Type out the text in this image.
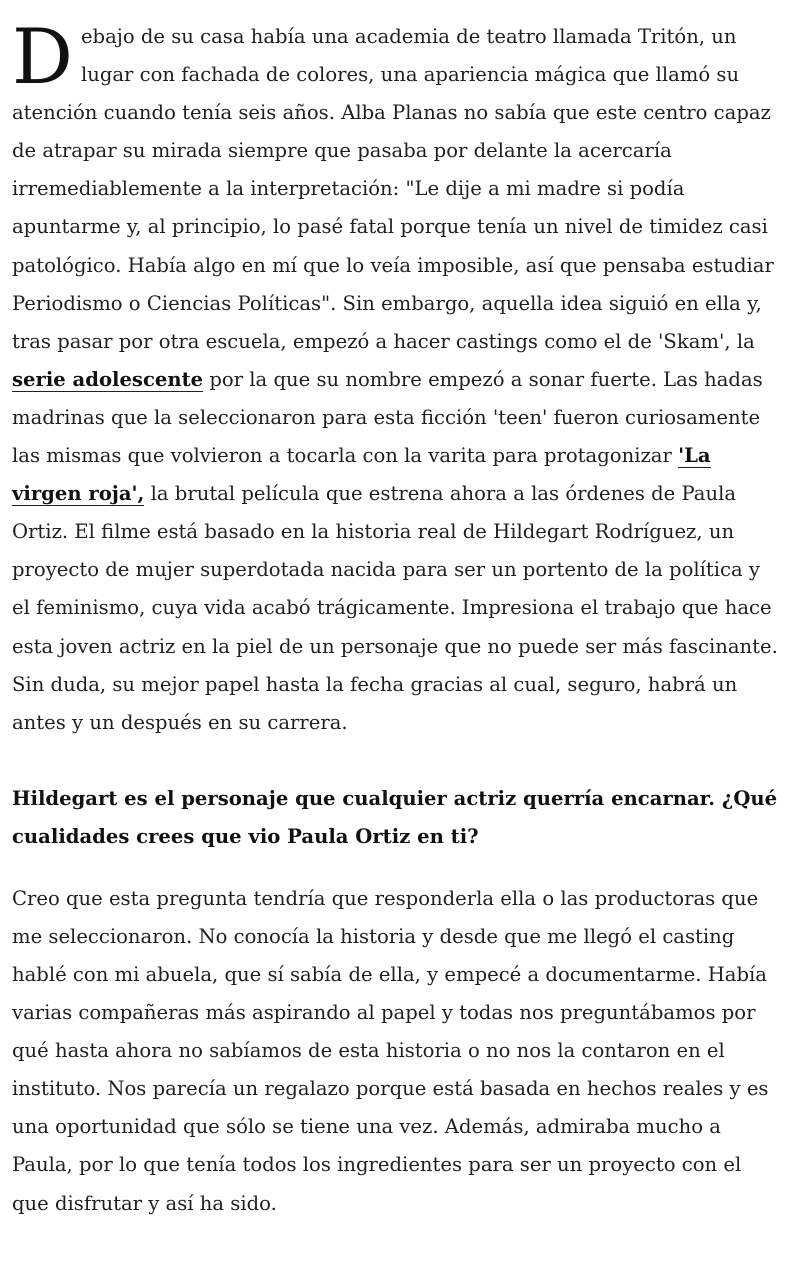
Debajo de su casa había una academia de teatro llamada Tritón, un lugar con fachada de colores, una apariencia mágica que llamó su atención cuando tenía seis años. Alba Planas no sabía que este centro capaz de atrapar su mirada siempre que pasaba por delante la acercaría irremediablemente a la interpretación: "Le dije a mi madre si podía apuntarme y, al principio, lo pasé fatal porque tenía un nivel de timidez casi patológico. Había algo en mí que lo veía imposible, así que pensaba estudiar Periodismo o Ciencias Políticas". Sin embargo, aquella idea siguió en ella y, tras pasar por otra escuela, empezó a hacer castings como el de 'Skam', la serie adolescente por la que su nombre empezó a sonar fuerte. Las hadas madrinas que la seleccionaron para esta ficción 'teen' fueron curiosamente las mismas que volvieron a tocarla con la varita para protagonizar 'La virgen roja', la brutal película que estrena ahora a las órdenes de Paula Ortiz. El filme está basado en la historia real de Hildegart Rodríguez, un proyecto de mujer superdotada nacida para ser un portento de la política y el feminismo, cuya vida acabó trágicamente. Impresiona el trabajo que hace esta joven actriz en la piel de un personaje que no puede ser más fascinante. Sin duda, su mejor papel hasta la fecha gracias al cual, seguro, habrá un antes y un después en su carrera.

Hildegart es el personaje que cualquier actriz querría encarnar. ¿Qué cualidades crees que vio Paula Ortiz en ti?

Creo que esta pregunta tendría que responderla ella o las productoras que me seleccionaron. No conocía la historia y desde que me llegó el casting hablé con mi abuela, que sí sabía de ella, y empecé a documentarme. Había varias compañeras más aspirando al papel y todas nos preguntábamos por qué hasta ahora no sabíamos de esta historia o no nos la contaron en el instituto. Nos parecía un regalazo porque está basada en hechos reales y es una oportunidad que sólo se tiene una vez. Además, admiraba mucho a Paula, por lo que tenía todos los ingredientes para ser un proyecto con el que disfrutar y así ha sido.
